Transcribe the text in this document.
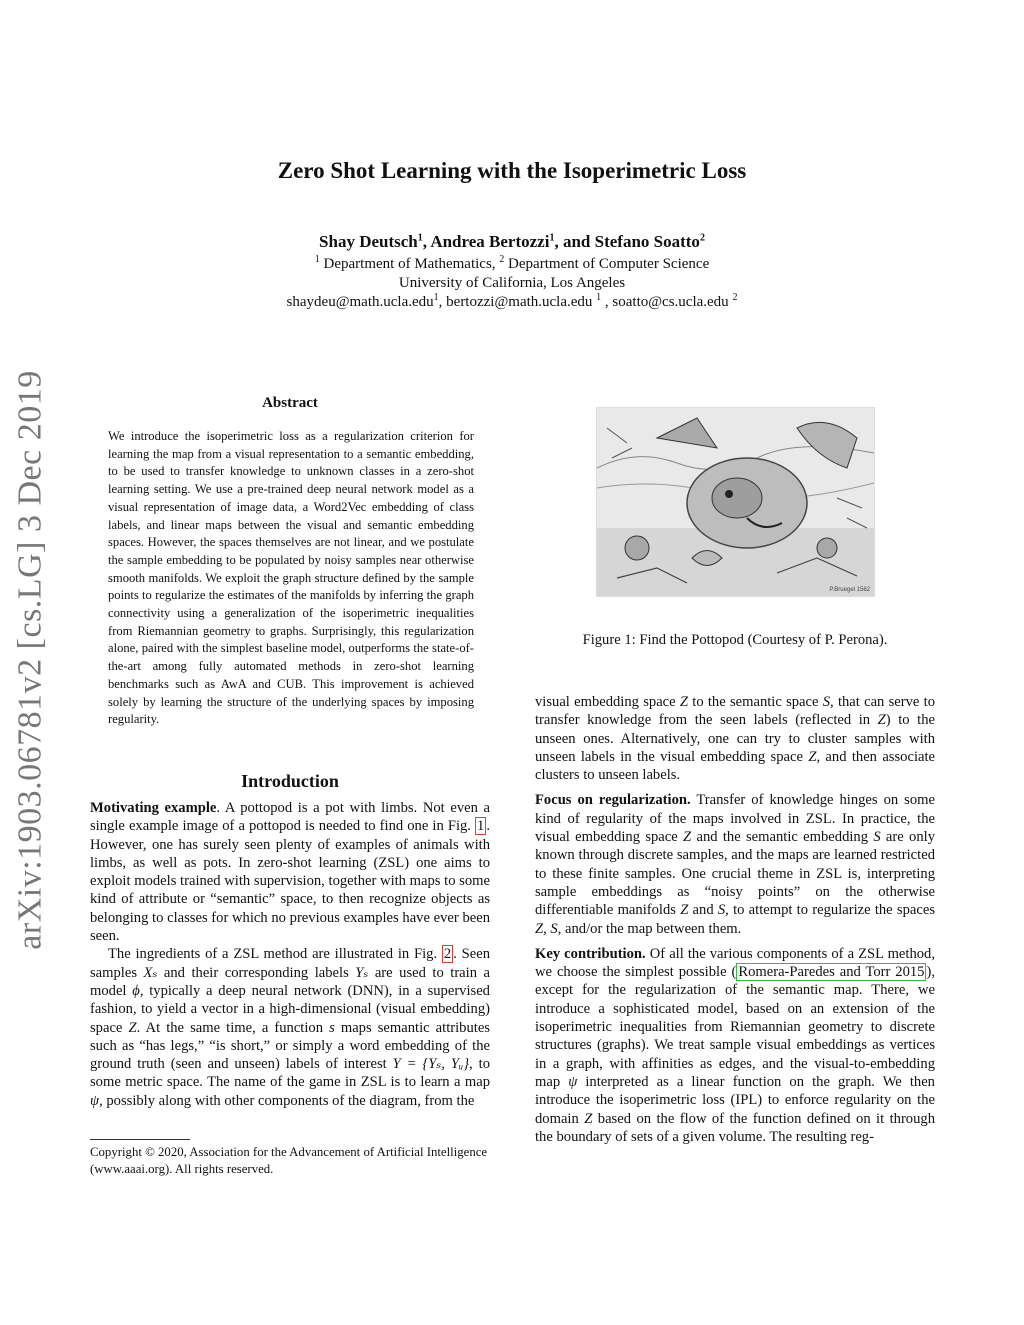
arXiv:1903.06781v2 [cs.LG] 3 Dec 2019
Zero Shot Learning with the Isoperimetric Loss
Shay Deutsch$^1$, Andrea Bertozzi$^1$, and Stefano Soatto$^2$
$^1$ Department of Mathematics, $^2$ Department of Computer Science
University of California, Los Angeles
shaydeu@math.ucla.edu$^1$, bertozzi@math.ucla.edu $^1$ , soatto@cs.ucla.edu $^2$
Abstract
We introduce the isoperimetric loss as a regularization criterion for learning the map from a visual representation to a semantic embedding, to be used to transfer knowledge to unknown classes in a zero-shot learning setting. We use a pre-trained deep neural network model as a visual representation of image data, a Word2Vec embedding of class labels, and linear maps between the visual and semantic embedding spaces. However, the spaces themselves are not linear, and we postulate the sample embedding to be populated by noisy samples near otherwise smooth manifolds. We exploit the graph structure defined by the sample points to regularize the estimates of the manifolds by inferring the graph connectivity using a generalization of the isoperimetric inequalities from Riemannian geometry to graphs. Surprisingly, this regularization alone, paired with the simplest baseline model, outperforms the state-of-the-art among fully automated methods in zero-shot learning benchmarks such as AwA and CUB. This improvement is achieved solely by learning the structure of the underlying spaces by imposing regularity.
Introduction

Motivating example. A pottopod is a pot with limbs. Not even a single example image of a pottopod is needed to find one in Fig. 1 . However, one has surely seen plenty of examples of animals with limbs, as well as pots. In zero-shot learning (ZSL) one aims to exploit models trained with supervision, together with maps to some kind of attribute or “semantic” space, to then recognize objects as belonging to classes for which no previous examples have ever been seen.

The ingredients of a ZSL method are illustrated in Fig. 2 . Seen samples Xₛ and their corresponding labels Yₛ are used to train a model ϕ, typically a deep neural network (DNN), in a supervised fashion, to yield a vector in a high-dimensional (visual embedding) space Z. At the same time, a function s maps semantic attributes such as “has legs,” “is short,” or simply a word embedding of the ground truth (seen and unseen) labels of interest Y = {Yₛ, Yᵤ}, to some metric space. The name of the game in ZSL is to learn a map ψ, possibly along with other components of the diagram, from the

Copyright © 2020, Association for the Advancement of Artificial Intelligence (www.aaai.org). All rights reserved.
P.Bruegel 1562
Figure 1: Find the Pottopod (Courtesy of P. Perona).

visual embedding space Z to the semantic space S, that can serve to transfer knowledge from the seen labels (reflected in Z) to the unseen ones. Alternatively, one can try to cluster samples with unseen labels in the visual embedding space Z, and then associate clusters to unseen labels.

Focus on regularization. Transfer of knowledge hinges on some kind of regularity of the maps involved in ZSL. In practice, the visual embedding space Z and the semantic embedding S are only known through discrete samples, and the maps are learned restricted to these finite samples. One crucial theme in ZSL is, interpreting sample embeddings as “noisy points” on the otherwise differentiable manifolds Z and S, to attempt to regularize the spaces Z, S, and/or the map between them.

Key contribution. Of all the various components of a ZSL method, we choose the simplest possible ( Romera-Paredes and Torr 2015 ), except for the regularization of the semantic map. There, we introduce a sophisticated model, based on an extension of the isoperimetric inequalities from Riemannian geometry to discrete structures (graphs). We treat sample visual embeddings as vertices in a graph, with affinities as edges, and the visual-to-embedding map ψ interpreted as a linear function on the graph. We then introduce the isoperimetric loss (IPL) to enforce regularity on the domain Z based on the flow of the function defined on it through the boundary of sets of a given volume. The resulting reg-
